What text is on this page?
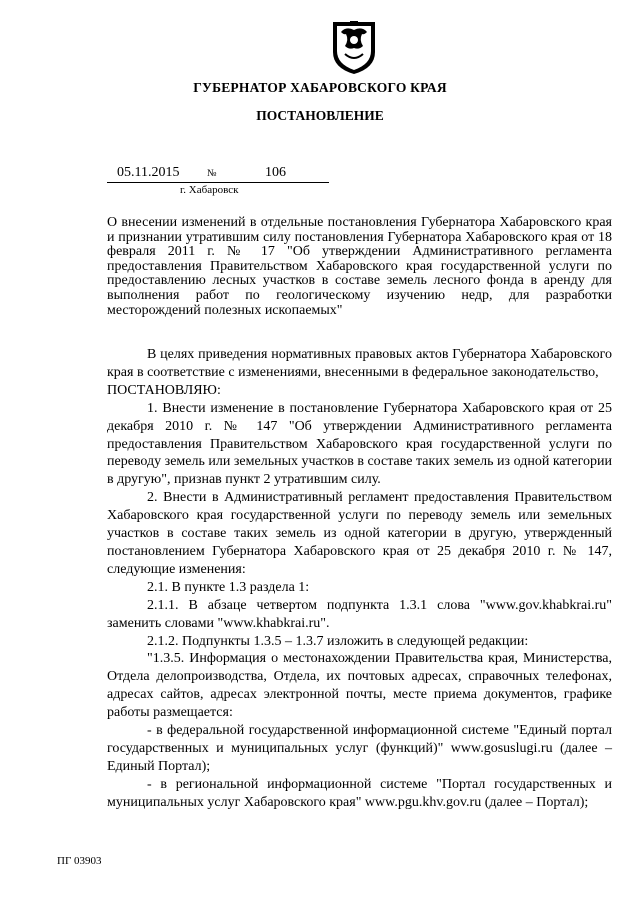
ГУБЕРНАТОР ХАБАРОВСКОГО КРАЯ
ПОСТАНОВЛЕНИЕ
05.11.2015	№	106
г. Хабаровск

О внесении изменений в отдельные постановления Губернатора Хабаровского края и признании утратившим силу постановления Губернатора Хабаровского края от 18 февраля 2011 г. № 17 "Об утверждении Административного регламента предоставления Правительством Хабаровского края государственной услуги по предоставлению лесных участков в составе земель лесного фонда в аренду для выполнения работ по геологическому изучению недр, для разработки месторождений полезных ископаемых"

В целях приведения нормативных правовых актов Губернатора Хабаровского края в соответствие с изменениями, внесенными в федеральное законодательство,

ПОСТАНОВЛЯЮ:

1. Внести изменение в постановление Губернатора Хабаровского края от 25 декабря 2010 г. № 147 "Об утверждении Административного регламента предоставления Правительством Хабаровского края государственной услуги по переводу земель или земельных участков в составе таких земель из одной категории в другую", признав пункт 2 утратившим силу.

2. Внести в Административный регламент предоставления Правительством Хабаровского края государственной услуги по переводу земель или земельных участков в составе таких земель из одной категории в другую, утвержденный постановлением Губернатора Хабаровского края от 25 декабря 2010 г. № 147, следующие изменения:

2.1. В пункте 1.3 раздела 1:

2.1.1. В абзаце четвертом подпункта 1.3.1 слова "www.gov.khabkrai.ru" заменить словами "www.khabkrai.ru".

2.1.2. Подпункты 1.3.5 – 1.3.7 изложить в следующей редакции:

"1.3.5. Информация о местонахождении Правительства края, Министерства, Отдела делопроизводства, Отдела, их почтовых адресах, справочных телефонах, адресах сайтов, адресах электронной почты, месте приема документов, графике работы размещается:

- в федеральной государственной информационной системе "Единый портал государственных и муниципальных услуг (функций)" www.gosuslugi.ru (далее – Единый Портал);

- в региональной информационной системе "Портал государственных и муниципальных услуг Хабаровского края" www.pgu.khv.gov.ru (далее – Портал);

ПГ 03903
